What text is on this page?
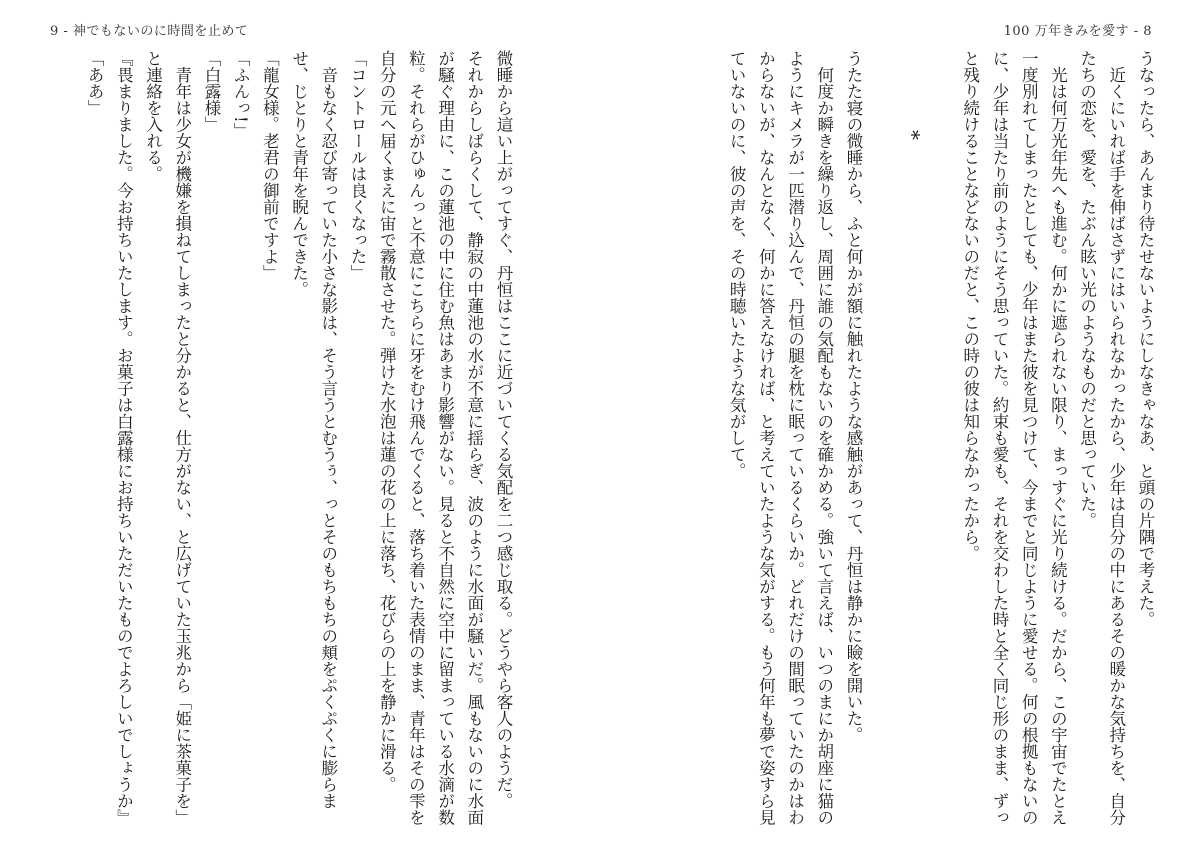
9 - 神でもないのに時間を止めて	100 万年きみを愛す - 8

うなったら、あんまり待たせないようにしなきゃなあ、と頭の片隅で考えた。

　近くにいれば手を伸ばさずにはいられなかったから、少年は自分の中にあるその暖かな気持ちを、自分たちの恋を、愛を、たぶん眩い光のようなものだと思っていた。

　光は何万光年先へも進む。何かに遮られない限り、まっすぐに光り続ける。だから、この宇宙でたとえ一度別れてしまったとしても、少年はまた彼を見つけて、今までと同じように愛せる。何の根拠もないのに、少年は当たり前のようにそう思っていた。約束も愛も、それを交わした時と全く同じ形のまま、ずっと残り続けることなどないのだと、この時の彼は知らなかったから。

*

うたた寝の微睡から、ふと何かが額に触れたような感触があって、丹恒は静かに瞼を開いた。

　何度か瞬きを繰り返し、周囲に誰の気配もないのを確かめる。強いて言えば、いつのまにか胡座に猫のようにキメラが一匹潜り込んで、丹恒の腿を枕に眠っているくらいか。どれだけの間眠っていたのかはわからないが、なんとなく、何かに答えなければ、と考えていたような気がする。もう何年も夢で姿すら見ていないのに、彼の声を、その時聴いたような気がして。

微睡から這い上がってすぐ、丹恒はここに近づいてくる気配を二つ感じ取る。どうやら客人のようだ。

それからしばらくして、静寂の中蓮池の水が不意に揺らぎ、波のように水面が騒いだ。風もないのに水面が騒ぐ理由に、この蓮池の中に住む魚はあまり影響がない。見ると不自然に空中に留まっている水滴が数粒。それらがひゅんっと不意にこちらに牙をむけ飛んでくると、落ち着いた表情のまま、青年はその雫を自分の元へ届くまえに宙で霧散させた。弾けた水泡は蓮の花の上に落ち、花びらの上を静かに滑る。

「コントロールは良くなった」

　音もなく忍び寄っていた小さな影は、そう言うとむうぅ、っとそのもちもちの頬をぷくぷくに膨らませ、じとりと青年を睨んできた。

「龍女様。老君の御前ですよ」

「ふんっ!」

「白露様」

　青年は少女が機嫌を損ねてしまったと分かると、仕方がない、と広げていた玉兆から「姫に茶菓子を」と連絡を入れる。

『畏まりました。今お持ちいたします。お菓子は白露様にお持ちいただいたものでよろしいでしょうか』

「ああ」
